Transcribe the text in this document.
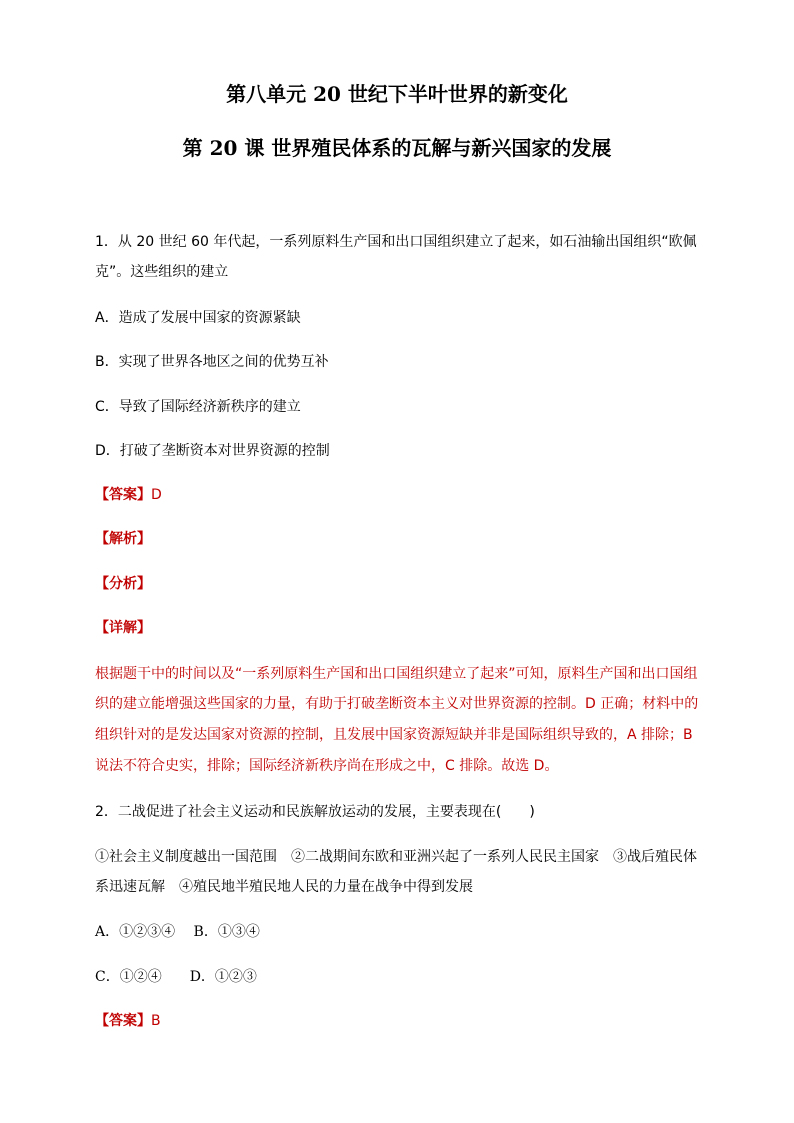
第八单元 20 世纪下半叶世界的新变化
第 20 课 世界殖民体系的瓦解与新兴国家的发展
1．从 20 世纪 60 年代起，一系列原料生产国和出口国组织建立了起来，如石油输出国组织“欧佩
克”。这些组织的建立
A．造成了发展中国家的资源紧缺
B．实现了世界各地区之间的优势互补
C．导致了国际经济新秩序的建立
D．打破了垄断资本对世界资源的控制
【答案】D
【解析】
【分析】
【详解】
根据题干中的时间以及“一系列原料生产国和出口国组织建立了起来”可知，原料生产国和出口国组
织的建立能增强这些国家的力量，有助于打破垄断资本主义对世界资源的控制。D 正确；材料中的
组织针对的是发达国家对资源的控制，且发展中国家资源短缺并非是国际组织导致的，A 排除；B
说法不符合史实，排除；国际经济新秩序尚在形成之中，C 排除。故选 D。
2．二战促进了社会主义运动和民族解放运动的发展，主要表现在(　　)
①社会主义制度越出一国范围　②二战期间东欧和亚洲兴起了一系列人民民主国家　③战后殖民体
系迅速瓦解　④殖民地半殖民地人民的力量在战争中得到发展
A．①②③④　 B．①③④
C．①②④　　D．①②③
【答案】B
